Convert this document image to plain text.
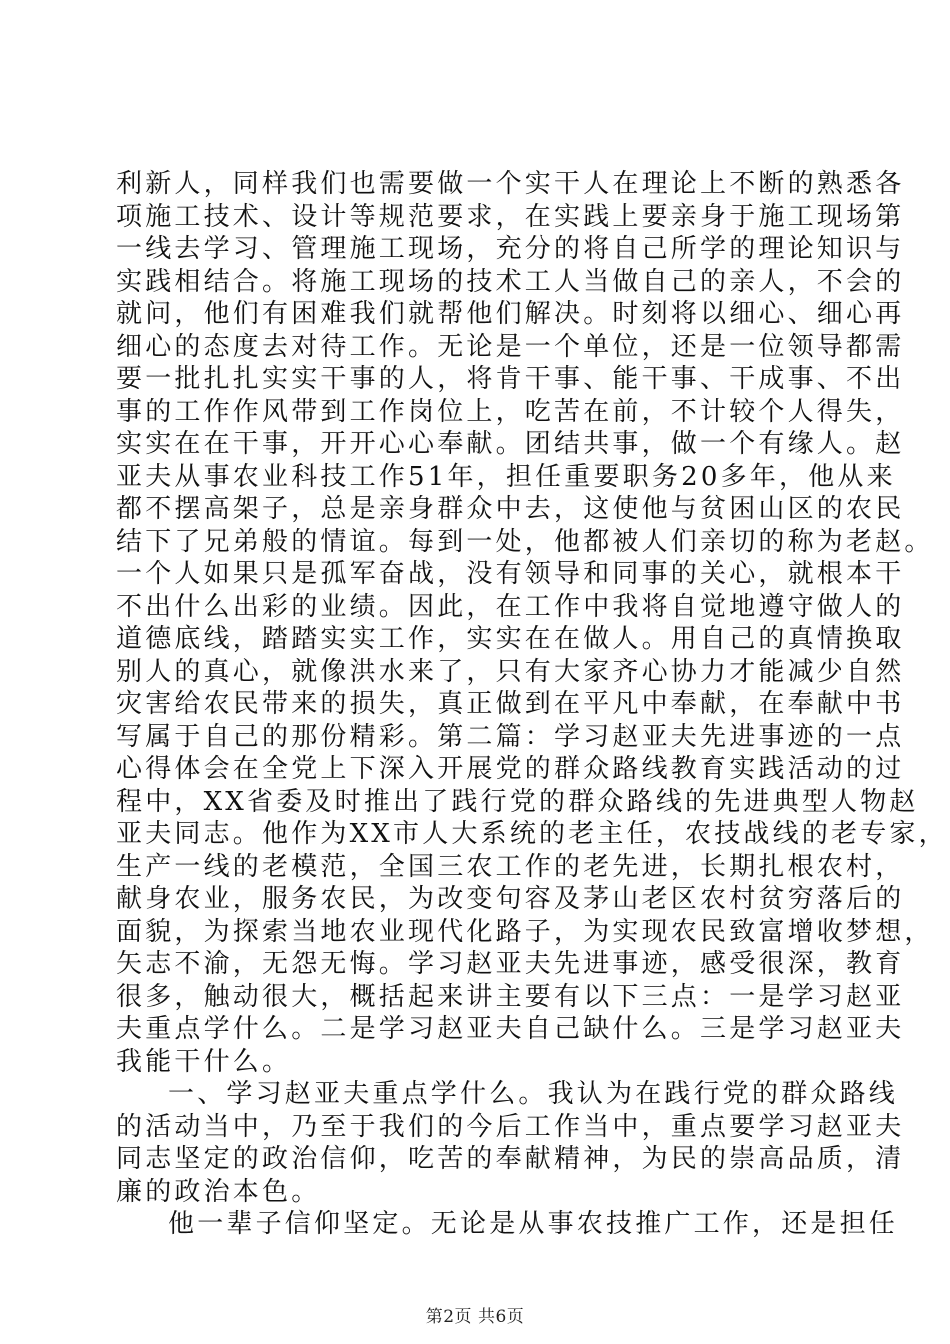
利新人，同样我们也需要做一个实干人在理论上不断的熟悉各
项施工技术、设计等规范要求，在实践上要亲身于施工现场第
一线去学习、管理施工现场，充分的将自己所学的理论知识与
实践相结合。将施工现场的技术工人当做自己的亲人，不会的
就问，他们有困难我们就帮他们解决。时刻将以细心、细心再
细心的态度去对待工作。无论是一个单位，还是一位领导都需
要一批扎扎实实干事的人，将肯干事、能干事、干成事、不出
事的工作作风带到工作岗位上，吃苦在前，不计较个人得失，
实实在在干事，开开心心奉献。团结共事，做一个有缘人。赵
亚夫从事农业科技工作51年，担任重要职务20多年，他从来
都不摆高架子，总是亲身群众中去，这使他与贫困山区的农民
结下了兄弟般的情谊。每到一处，他都被人们亲切的称为老赵。
一个人如果只是孤军奋战，没有领导和同事的关心，就根本干
不出什么出彩的业绩。因此，在工作中我将自觉地遵守做人的
道德底线，踏踏实实工作，实实在在做人。用自己的真情换取
别人的真心，就像洪水来了，只有大家齐心协力才能减少自然
灾害给农民带来的损失，真正做到在平凡中奉献，在奉献中书
写属于自己的那份精彩。第二篇：学习赵亚夫先进事迹的一点
心得体会在全党上下深入开展党的群众路线教育实践活动的过
程中，XX省委及时推出了践行党的群众路线的先进典型人物赵
亚夫同志。他作为XX市人大系统的老主任，农技战线的老专家，
生产一线的老模范，全国三农工作的老先进，长期扎根农村，
献身农业，服务农民，为改变句容及茅山老区农村贫穷落后的
面貌，为探索当地农业现代化路子，为实现农民致富增收梦想，
矢志不渝，无怨无悔。学习赵亚夫先进事迹，感受很深，教育
很多，触动很大，概括起来讲主要有以下三点：一是学习赵亚
夫重点学什么。二是学习赵亚夫自己缺什么。三是学习赵亚夫
我能干什么。
一、学习赵亚夫重点学什么。我认为在践行党的群众路线
的活动当中，乃至于我们的今后工作当中，重点要学习赵亚夫
同志坚定的政治信仰，吃苦的奉献精神，为民的崇高品质，清
廉的政治本色。
他一辈子信仰坚定。无论是从事农技推广工作，还是担任
第2页 共6页
